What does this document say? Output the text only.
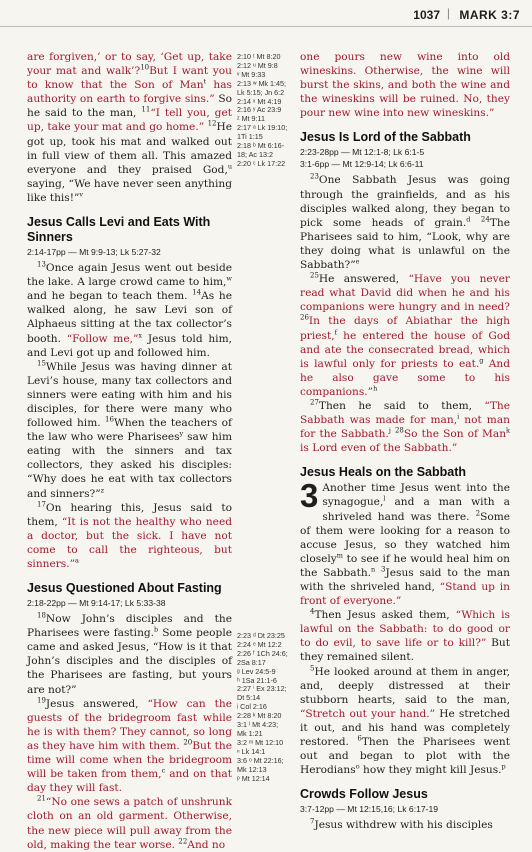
1037 | MARK 3:7

are forgiven,’ or to say, ‘Get up, take your mat and walk’?$^{10}$But I want you to know that the Son of Man$^t$ has authority on earth to forgive sins.” So he said to the man, $^{11}$“I tell you, get up, take your mat and go home.” $^{12}$He got up, took his mat and walked out in full view of them all. This amazed everyone and they praised God,$^u$ saying, “We have never seen anything like this!”$^v$

Jesus Calls Levi and Eats With Sinners
2:14-17pp — Mt 9:9-13; Lk 5:27-32

$^{13}$Once again Jesus went out beside the lake. A large crowd came to him,$^w$ and he began to teach them. $^{14}$As he walked along, he saw Levi son of Alphaeus sitting at the tax collector’s booth. “Follow me,”$^x$ Jesus told him, and Levi got up and followed him.

$^{15}$While Jesus was having dinner at Levi’s house, many tax collectors and sinners were eating with him and his disciples, for there were many who followed him. $^{16}$When the teachers of the law who were Pharisees$^y$ saw him eating with the sinners and tax collectors, they asked his disciples: “Why does he eat with tax collectors and sinners?”$^z$

$^{17}$On hearing this, Jesus said to them, “It is not the healthy who need a doctor, but the sick. I have not come to call the righteous, but sinners.”$^a$

Jesus Questioned About Fasting
2:18-22pp — Mt 9:14-17; Lk 5:33-38

$^{18}$Now John’s disciples and the Pharisees were fasting.$^b$ Some people came and asked Jesus, “How is it that John’s disciples and the disciples of the Pharisees are fasting, but yours are not?”

$^{19}$Jesus answered, “How can the guests of the bridegroom fast while he is with them? They cannot, so long as they have him with them. $^{20}$But the time will come when the bridegroom will be taken from them,$^c$ and on that day they will fast.

$^{21}$“No one sews a patch of unshrunk cloth on an old garment. Otherwise, the new piece will pull away from the old, making the tear worse. $^{22}$And no

2:10 ᵗ Mt 8:20
2:12 ᵘ Mt 9:8
ᵛ Mt 9:33
2:13 ʷ Mk 1:45;
Lk 5:15; Jn 6:2
2:14 ˣ Mt 4:19
2:16 ʸ Ac 23:9
ᶻ Mt 9:11
2:17 ᵃ Lk 19:10;
1Ti 1:15
2:18 ᵇ Mt 6:16-
18; Ac 13:2
2:20 ᶜ Lk 17:22
2:23 ᵈ Dt 23:25
2:24 ᵉ Mt 12:2
2:26 ᶠ 1Ch 24:6;
2Sa 8:17
ᵍ Lev 24:5-9
ʰ 1Sa 21:1-6
2:27 ⁱ Ex 23:12;
Dt 5:14
ʲ Col 2:16
2:28 ᵏ Mt 8:20
3:1 ˡ Mt 4:23;
Mk 1:21
3:2 ᵐ Mt 12:10
ⁿ Lk 14:1
3:6 ᵒ Mt 22:16;
Mk 12:13
ᵖ Mt 12:14

one pours new wine into old wineskins. Otherwise, the wine will burst the skins, and both the wine and the wineskins will be ruined. No, they pour new wine into new wineskins.”

Jesus Is Lord of the Sabbath
2:23-28pp — Mt 12:1-8; Lk 6:1-5
3:1-6pp — Mt 12:9-14; Lk 6:6-11

$^{23}$One Sabbath Jesus was going through the grainfields, and as his disciples walked along, they began to pick some heads of grain.$^d$ $^{24}$The Pharisees said to him, “Look, why are they doing what is unlawful on the Sabbath?”$^e$

$^{25}$He answered, “Have you never read what David did when he and his companions were hungry and in need? $^{26}$In the days of Abiathar the high priest,$^f$ he entered the house of God and ate the consecrated bread, which is lawful only for priests to eat.$^g$ And he also gave some to his companions.”$^h$

$^{27}$Then he said to them, “The Sabbath was made for man,$^i$ not man for the Sabbath.$^j$ $^{28}$So the Son of Man$^k$ is Lord even of the Sabbath.”

Jesus Heals on the Sabbath

3 Another time Jesus went into the synagogue,$^l$ and a man with a shriveled hand was there. $^2$Some of them were looking for a reason to accuse Jesus, so they watched him closely$^m$ to see if he would heal him on the Sabbath.$^n$ $^3$Jesus said to the man with the shriveled hand, “Stand up in front of everyone.”

$^4$Then Jesus asked them, “Which is lawful on the Sabbath: to do good or to do evil, to save life or to kill?” But they remained silent.

$^5$He looked around at them in anger, and, deeply distressed at their stubborn hearts, said to the man, “Stretch out your hand.” He stretched it out, and his hand was completely restored. $^6$Then the Pharisees went out and began to plot with the Herodians$^o$ how they might kill Jesus.$^p$

Crowds Follow Jesus
3:7-12pp — Mt 12:15,16; Lk 6:17-19

$^7$Jesus withdrew with his disciples
